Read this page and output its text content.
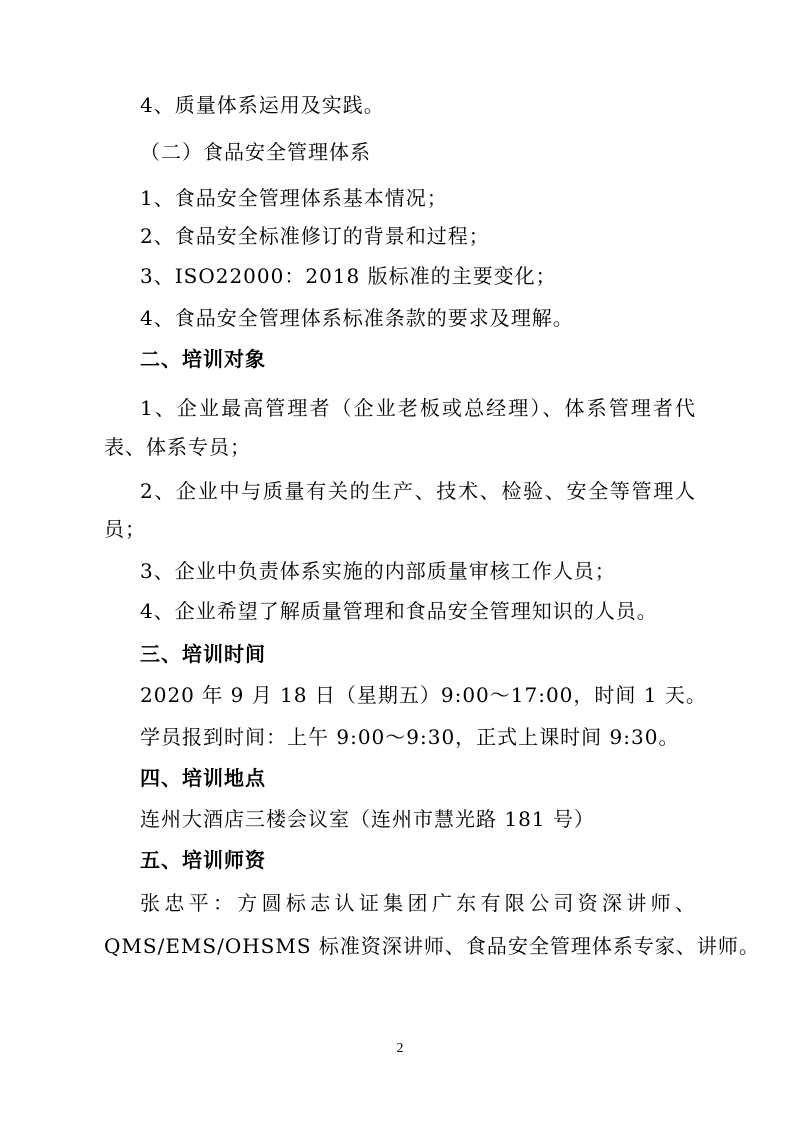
4、质量体系运用及实践。
（二）食品安全管理体系
1、食品安全管理体系基本情况；
2、食品安全标准修订的背景和过程；
3、ISO22000：2018 版标准的主要变化；
4、食品安全管理体系标准条款的要求及理解。
二、培训对象
1、企业最高管理者（企业老板或总经理）、体系管理者代
表、体系专员；
2、企业中与质量有关的生产、技术、检验、安全等管理人
员；
3、企业中负责体系实施的内部质量审核工作人员；
4、企业希望了解质量管理和食品安全管理知识的人员。
三、培训时间
2020 年 9 月 18 日（星期五）9:00～17:00，时间 1 天。
学员报到时间：上午 9:00～9:30，正式上课时间 9:30。
四、培训地点
连州大酒店三楼会议室（连州市慧光路 181 号）
五、培训师资
张忠平：方圆标志认证集团广东有限公司资深讲师、
QMS/EMS/OHSMS 标准资深讲师、食品安全管理体系专家、讲师。
2
